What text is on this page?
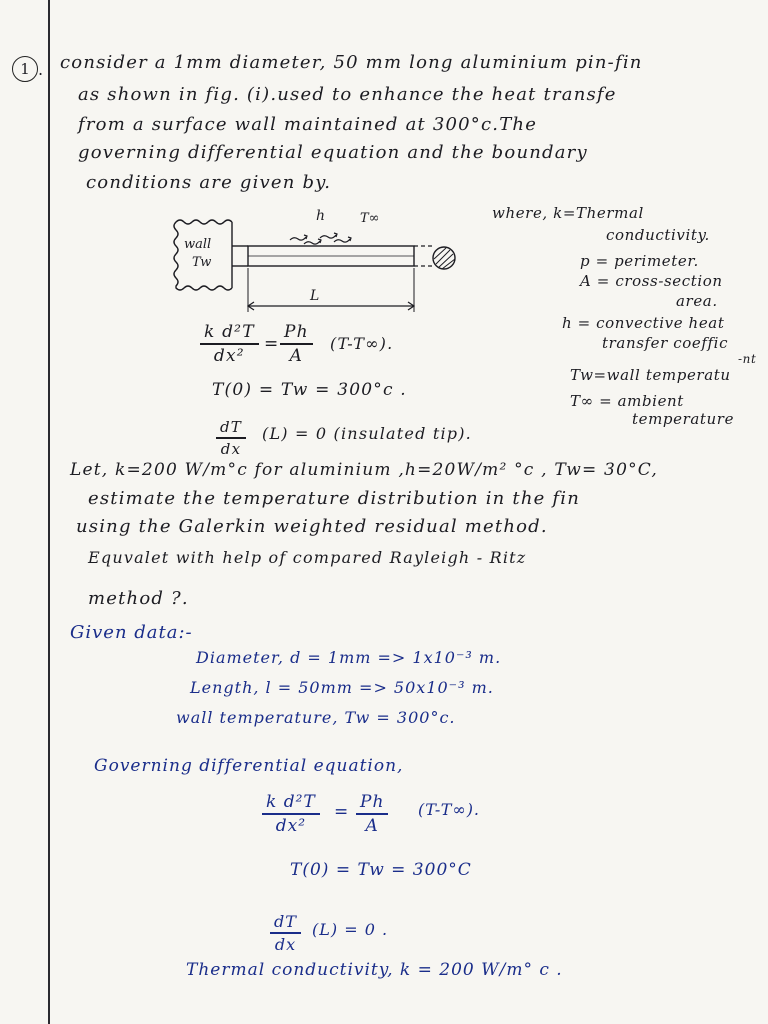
1 . consider a 1mm diameter, 50 mm long aluminium pin-fin
as shown in fig. (i).used to enhance the heat transfe
from a surface wall maintained at 300°c.The
governing differential equation and the boundary
conditions are given by.
wall
Tw
h	T∞
L
where, k=Thermal
conductivity.
p = perimeter.
A = cross-section
area.
h = convective heat
transfer coeffic
-nt
Tw=wall temperatu
T∞ = ambient
temperature
k d²T
dx²
=
Ph
A
(T-T∞).
T(0) = Tw = 300°c .
dT
dx
(L) = 0 (insulated tip).
Let, k=200 W/m°c for aluminium ,h=20W/m² °c , Tw= 30°C,
estimate the temperature distribution in the fin
using the Galerkin weighted residual method.
Equvalet with help of compared Rayleigh - Ritz
method ?.
Given data:-
Diameter, d = 1mm => 1x10⁻³ m.
Length, l = 50mm => 50x10⁻³ m.
wall temperature, Tw = 300°c.
Governing differential equation,
k d²T
dx²
= Ph
A
(T-T∞).
T(0) = Tw = 300°C
dT
dx
(L) = 0 .
Thermal conductivity, k = 200 W/m° c .
